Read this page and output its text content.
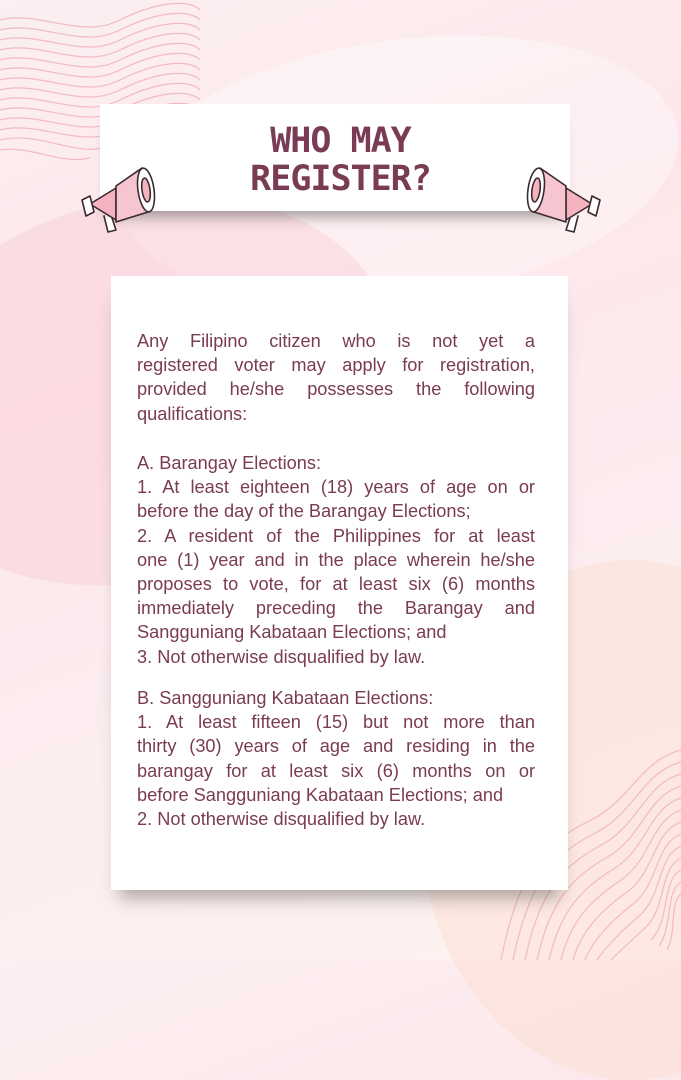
WHO MAY
REGISTER?
Any Filipino citizen who is not yet a
registered voter may apply for registration,
provided he/she possesses the following
qualifications:
A. Barangay Elections:
1. At least eighteen (18) years of age on or
before the day of the Barangay Elections;
2. A resident of the Philippines for at least
one (1) year and in the place wherein he/she
proposes to vote, for at least six (6) months
immediately preceding the Barangay and
Sangguniang Kabataan Elections; and
3. Not otherwise disqualified by law.
B. Sangguniang Kabataan Elections:
1. At least fifteen (15) but not more than
thirty (30) years of age and residing in the
barangay for at least six (6) months on or
before Sangguniang Kabataan Elections; and
2. Not otherwise disqualified by law.
